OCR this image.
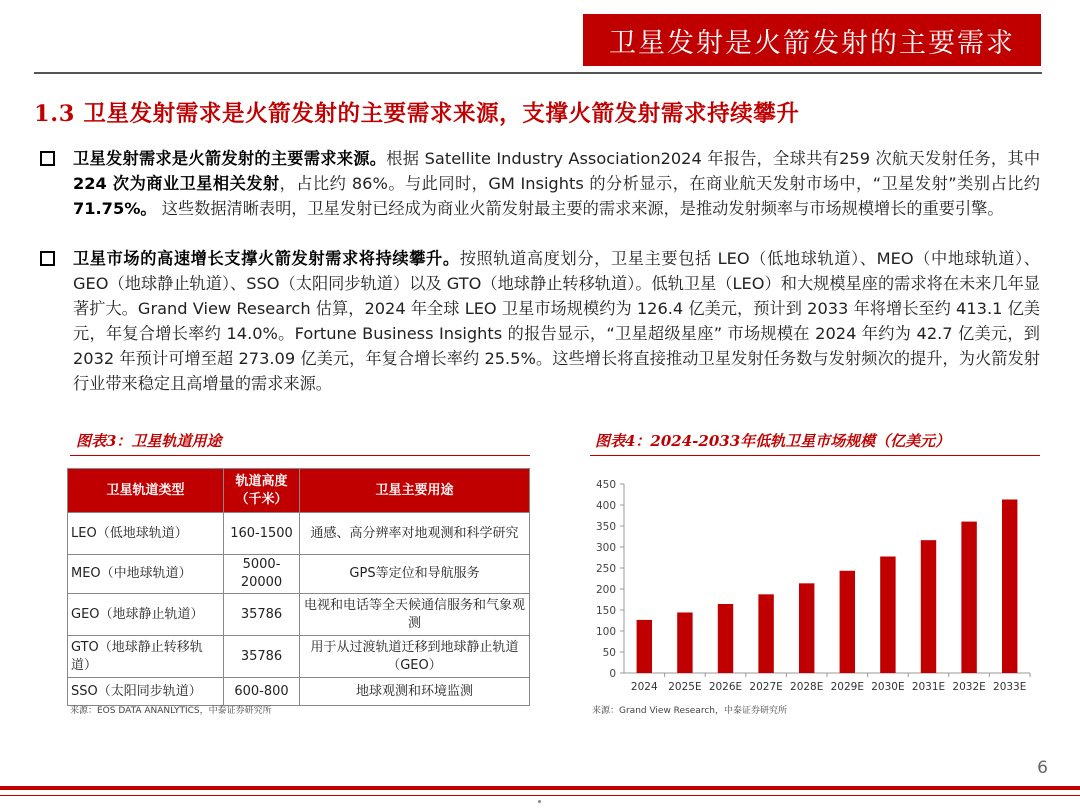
卫星发射是火箭发射的主要需求
1.3 卫星发射需求是火箭发射的主要需求来源，支撑火箭发射需求持续攀升
卫星发射需求是火箭发射的主要需求来源。根据 Satellite Industry Association2024 年报告，全球共有259 次航天发射任务，其中 224 次为商业卫星相关发射，占比约 86%。与此同时，GM Insights 的分析显示，在商业航天发射市场中，“卫星发射”类别占比约 71.75%。 这些数据清晰表明，卫星发射已经成为商业火箭发射最主要的需求来源，是推动发射频率与市场规模增长的重要引擎。
卫星市场的高速增长支撑火箭发射需求将持续攀升。按照轨道高度划分，卫星主要包括 LEO（低地球轨道）、MEO（中地球轨道）、GEO（地球静止轨道）、SSO（太阳同步轨道）以及 GTO（地球静止转移轨道）。低轨卫星（LEO）和大规模星座的需求将在未来几年显著扩大。Grand View Research 估算，2024 年全球 LEO 卫星市场规模约为 126.4 亿美元，预计到 2033 年将增长至约 413.1 亿美元，年复合增长率约 14.0%。Fortune Business Insights 的报告显示，“卫星超级星座” 市场规模在 2024 年约为 42.7 亿美元，到 2032 年预计可增至超 273.09 亿美元，年复合增长率约 25.5%。这些增长将直接推动卫星发射任务数与发射频次的提升，为火箭发射行业带来稳定且高增量的需求来源。
图表3：卫星轨道用途	图表4：2024-2033年低轨卫星市场规模（亿美元）
卫星轨道类型	轨道高度（千米）	卫星主要用途
LEO（低地球轨道）	160-1500	通感、高分辨率对地观测和科学研究
MEO（中地球轨道）	5000-20000	GPS等定位和导航服务
GEO（地球静止轨道）	35786	电视和电话等全天候通信服务和气象观测
GTO（地球静止转移轨道）	35786	用于从过渡轨道迁移到地球静止轨道（GEO）
SSO（太阳同步轨道）	600-800	地球观测和环境监测
来源：EOS DATA ANANLYTICS，中泰证券研究所
0
50
100
150
200
250
300
350
400
450
2024 2025E 2026E 2027E 2028E 2029E 2030E 2031E 2032E 2033E
来源：Grand View Research，中泰证券研究所
6
